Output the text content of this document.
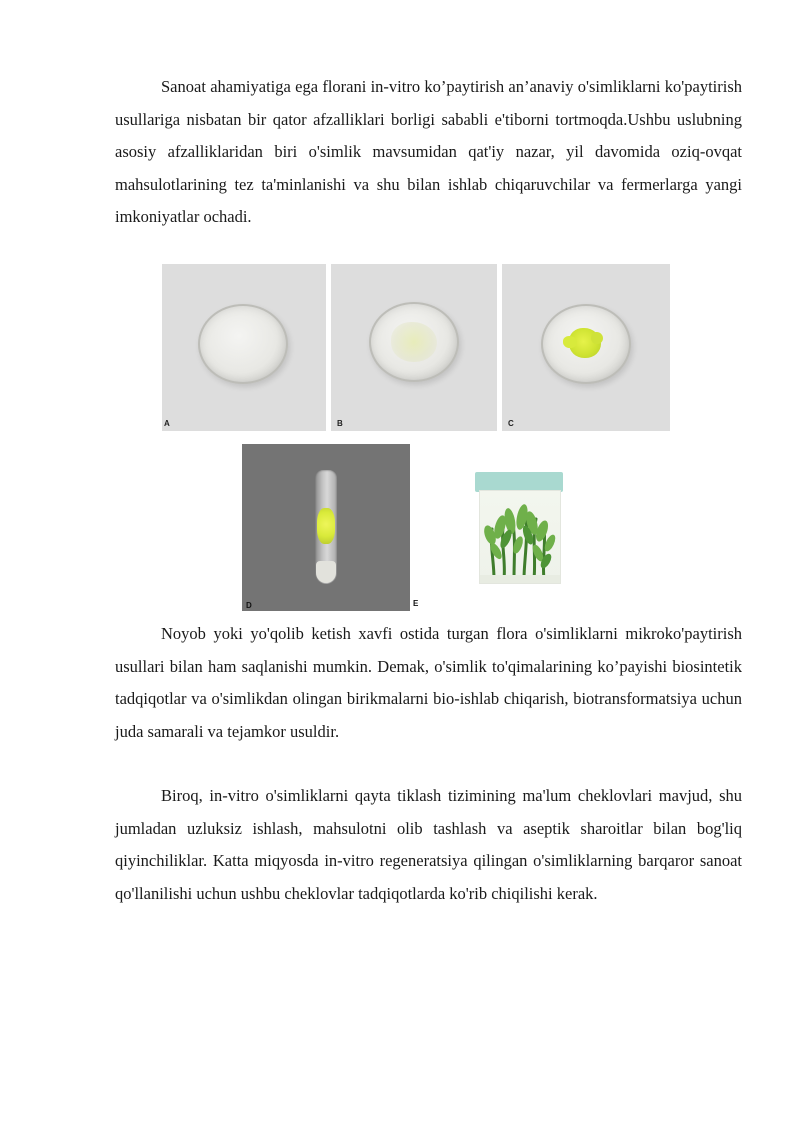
Sanoat ahamiyatiga ega florani in-vitro ko’paytirish an’anaviy o'simliklarni ko'paytirish usullariga nisbatan bir qator afzalliklari borligi sababli e'tiborni tortmoqda.Ushbu uslubning asosiy afzalliklaridan biri o'simlik mavsumidan qat'iy nazar, yil davomida oziq-ovqat mahsulotlarining tez ta'minlanishi va shu bilan ishlab chiqaruvchilar va fermerlarga yangi imkoniyatlar ochadi.

A	B	C
D	E

Noyob yoki yo'qolib ketish xavfi ostida turgan flora o'simliklarni mikroko'paytirish usullari bilan ham saqlanishi mumkin. Demak, o'simlik to'qimalarining ko’payishi biosintetik tadqiqotlar va o'simlikdan olingan birikmalarni bio-ishlab chiqarish, biotransformatsiya uchun juda samarali va tejamkor usuldir.

Biroq, in-vitro o'simliklarni qayta tiklash tizimining ma'lum cheklovlari mavjud, shu jumladan uzluksiz ishlash, mahsulotni olib tashlash va aseptik sharoitlar bilan bog'liq qiyinchiliklar. Katta miqyosda in-vitro regeneratsiya qilingan o'simliklarning barqaror sanoat qo'llanilishi uchun ushbu cheklovlar tadqiqotlarda ko'rib chiqilishi kerak.
